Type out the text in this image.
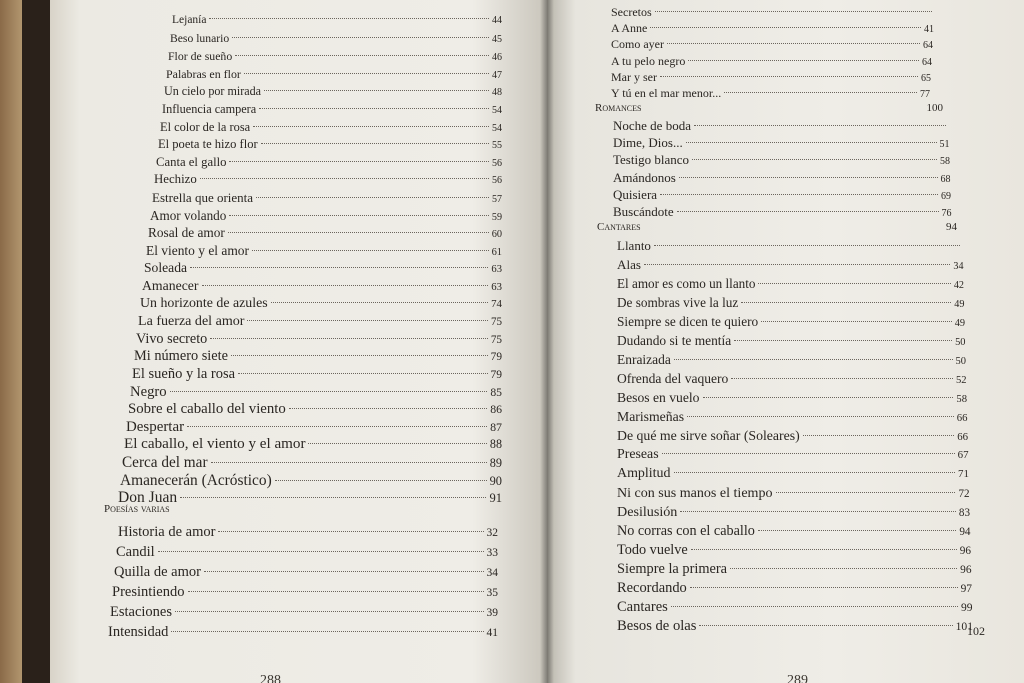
Lejanía	44
Beso lunario	45
Flor de sueño	46
Palabras en flor	47
Un cielo por mirada	48
Influencia campera	54
El color de la rosa	54
El poeta te hizo flor	55
Canta el gallo	56
Hechizo	56
Estrella que orienta	57
Amor volando	59
Rosal de amor	60
El viento y el amor	61
Soleada	63
Amanecer	63
Un horizonte de azules	74
La fuerza del amor	75
Vivo secreto	75
Mi número siete	79
El sueño y la rosa	79
Negro	85
Sobre el caballo del viento	86
Despertar	87
El caballo, el viento y el amor	88
Cerca del mar	89
Amanecerán (Acróstico)	90
Don Juan	91
Poesías varias
Historia de amor	32
Candil	33
Quilla de amor	34
Presintiendo	35
Estaciones	39
Intensidad	41
288
Secretos
A Anne	41
Como ayer	64
A tu pelo negro	64
Mar y ser	65
Y tú en el mar menor...	77
Romances	100
Noche de boda
Dime, Dios...	51
Testigo blanco	58
Amándonos	68
Quisiera	69
Buscándote	76
Cantares	94
Llanto
Alas	34
El amor es como un llanto	42
De sombras vive la luz	49
Siempre se dicen te quiero	49
Dudando si te mentía	50
Enraizada	50
Ofrenda del vaquero	52
Besos en vuelo	58
Marismeñas	66
De qué me sirve soñar (Soleares)	66
Preseas	67
Amplitud	71
Ni con sus manos el tiempo	72
Desilusión	83
No corras con el caballo	94
Todo vuelve	96
Siempre la primera	96
Recordando	97
Cantares	99
Besos de olas	101
102
289
